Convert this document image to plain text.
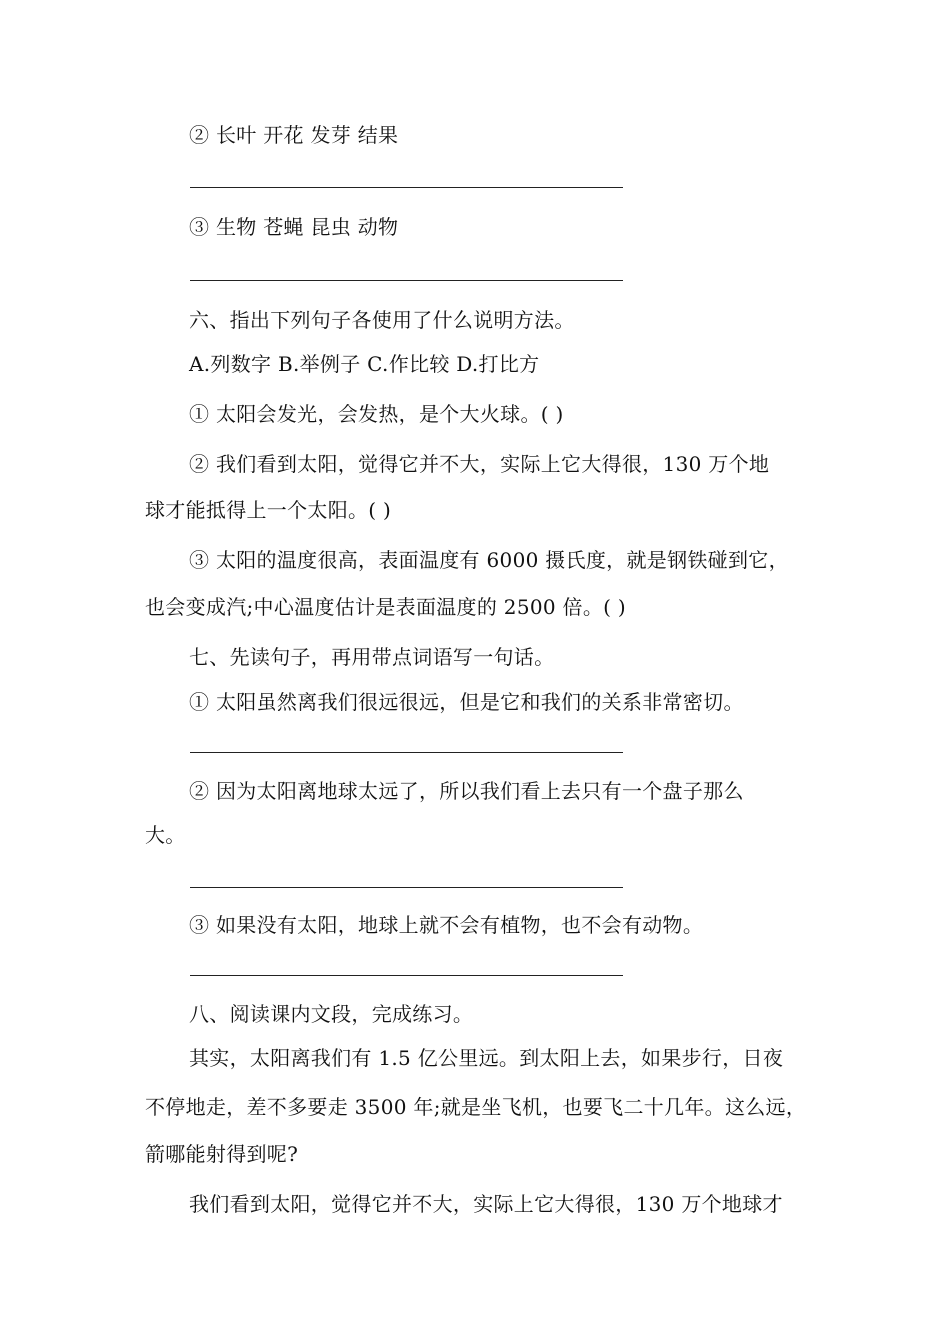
② 长叶 开花 发芽 结果
③ 生物 苍蝇 昆虫 动物
六、指出下列句子各使用了什么说明方法。
A.列数字 B.举例子 C.作比较 D.打比方
① 太阳会发光，会发热，是个大火球。( )
② 我们看到太阳，觉得它并不大，实际上它大得很，130 万个地
球才能抵得上一个太阳。( )
③ 太阳的温度很高，表面温度有 6000 摄氏度，就是钢铁碰到它，
也会变成汽;中心温度估计是表面温度的 2500 倍。( )
七、先读句子，再用带点词语写一句话。
① 太阳虽然离我们很远很远，但是它和我们的关系非常密切。
② 因为太阳离地球太远了，所以我们看上去只有一个盘子那么
大。
③ 如果没有太阳，地球上就不会有植物，也不会有动物。
八、阅读课内文段，完成练习。
其实，太阳离我们有 1.5 亿公里远。到太阳上去，如果步行，日夜
不停地走，差不多要走 3500 年;就是坐飞机，也要飞二十几年。这么远，
箭哪能射得到呢?
我们看到太阳，觉得它并不大，实际上它大得很，130 万个地球才
